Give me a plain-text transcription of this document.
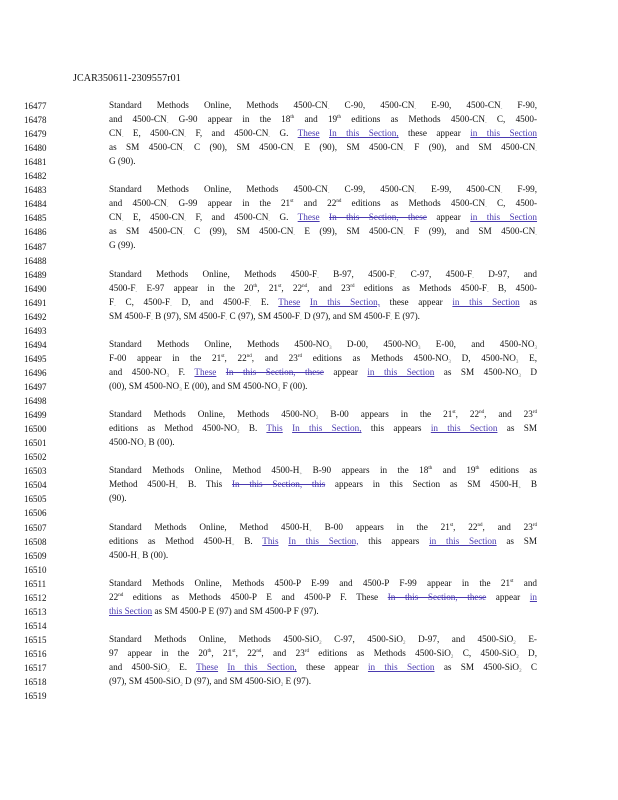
JCAR350611-2309557r01
16477
16478
16479
16480
16481
16482
16483
16484
16485
16486
16487
16488
16489
16490
16491
16492
16493
16494
16495
16496
16497
16498
16499
16500
16501
16502
16503
16504
16505
16506
16507
16508
16509
16510
16511
16512
16513
16514
16515
16516
16517
16518
16519
Standard Methods Online, Methods $4500-CN_-$ C-90, $4500-CN_-$ E-90, $4500-CN_-$ F-90,
and $4500-CN_-$ G-90 appear in the 18th and 19th editions as Methods $4500-CN_-$ C, 4500-
$CN_-$ E, $4500-CN_-$ F, and $4500-CN_-$ G. These In this Section, these appear in this Section
as SM $4500-CN_-$ C (90), SM $4500-CN_-$ E (90), SM $4500-CN_-$ F (90), and SM $4500-CN_-$
G (90).
Standard Methods Online, Methods $4500-CN_-$ C-99, $4500-CN_-$ E-99, $4500-CN_-$ F-99,
and $4500-CN_-$ G-99 appear in the 21st and 22nd editions as Methods $4500-CN_-$ C, 4500-
$CN_-$ E, $4500-CN_-$ F, and $4500-CN_-$ G. These In this Section, these appear in this Section
as SM $4500-CN_-$ C (99), SM $4500-CN_-$ E (99), SM $4500-CN_-$ F (99), and SM $4500-CN_-$
G (99).
Standard Methods Online, Methods $4500-F_-$ B-97, $4500-F_-$ C-97, $4500-F_-$ D-97, and
$4500-F_-$ E-97 appear in the 20th, 21st, 22nd, and 23rd editions as Methods $4500-F_-$ B, 4500-
$F_-$ C, $4500-F_-$ D, and $4500-F_-$ E. These In this Section, these appear in this Section as
SM $4500-F_-$ B (97), SM $4500-F_-$ C (97), SM $4500-F_-$ D (97), and SM $4500-F_-$ E (97).
Standard Methods Online, Methods $4500-NO_3$ D-00, $4500-NO_3$ E-00, and $4500-NO_3$
F-00 appear in the 21st, 22nd, and 23rd editions as Methods $4500-NO_3$ D, $4500-NO_3$ E,
and $4500-NO_3$ F. These In this Section, these appear in this Section as SM $4500-NO_3$ D
(00), SM $4500-NO_3$ E (00), and SM $4500-NO_3$ F (00).
Standard Methods Online, Methods $4500-NO_2$ B-00 appears in the 21st, 22nd, and 23rd
editions as Method $4500-NO_2$ B. This In this Section, this appears in this Section as SM
$4500-NO_2$ B (00).
Standard Methods Online, Method $4500-H_+$ B-90 appears in the 18th and 19th editions as
Method $4500-H_+$ B. This In this Section, this appears in this Section as SM $4500-H_+$ B
(90).
Standard Methods Online, Method $4500-H_+$ B-00 appears in the 21st, 22nd, and 23rd
editions as Method $4500-H_+$ B. This In this Section, this appears in this Section as SM
$4500-H_+$ B (00).
Standard Methods Online, Methods 4500-P E-99 and 4500-P F-99 appear in the 21st and
22nd editions as Methods 4500-P E and 4500-P F. These In this Section, these appear in
this Section as SM 4500-P E (97) and SM 4500-P F (97).
Standard Methods Online, Methods 4500-SiO$_2$ C-97, 4500-SiO$_2$ D-97, and 4500-SiO$_2$ E-
97 appear in the 20th, 21st, 22nd, and 23rd editions as Methods 4500-SiO$_2$ C, 4500-SiO$_2$ D,
and 4500-SiO$_2$ E. These In this Section, these appear in this Section as SM 4500-SiO$_2$ C
(97), SM 4500-SiO$_2$ D (97), and SM 4500-SiO$_2$ E (97).
